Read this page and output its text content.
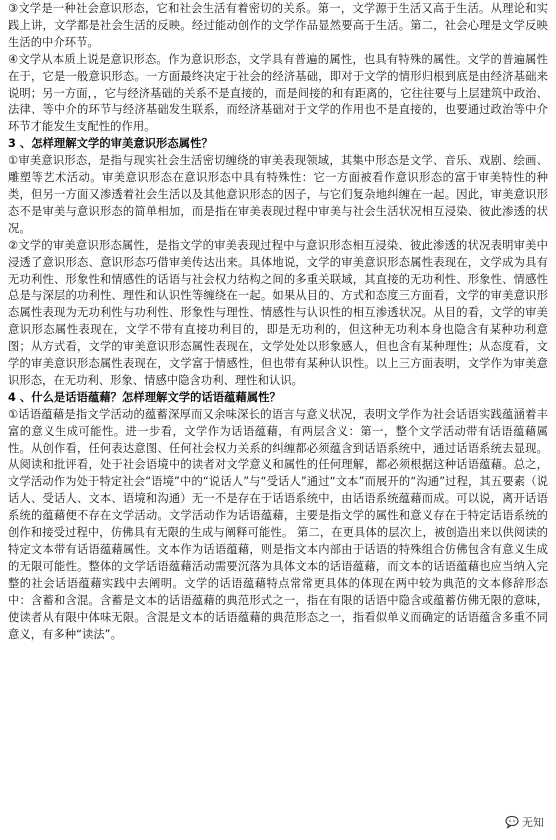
③文学是一种社会意识形态，它和社会生活有着密切的关系。第一，文学源于生活又高于生活。从理论和实践上讲，文学都是社会生活的反映。经过能动创作的文学作品显然要高于生活。第二，社会心理是文学反映生活的中介环节。

④文学从本质上说是意识形态。作为意识形态，文学具有普遍的属性，也具有特殊的属性。文学的普遍属性在于，它是一般意识形态。一方面最终决定于社会的经济基础，即对于文学的情形归根到底是由经济基础来说明；另一方面，，它与经济基础的关系不是直接的，而是间接的和有距离的，它往往要与上层建筑中政治、法律、等中介的环节与经济基础发生联系，而经济基础对于文学的作用也不是直接的，也要通过政治等中介环节才能发生支配性的作用。

3 、怎样理解文学的审美意识形态属性？

①审美意识形态，是指与现实社会生活密切缠绕的审美表现领域，其集中形态是文学、音乐、戏剧、绘画、雕塑等艺术活动。审美意识形态在意识形态中具有特殊性：它一方面被看作意识形态的富于审美特性的种类，但另一方面又渗透着社会生活以及其他意识形态的因子，与它们复杂地纠缠在一起。因此，审美意识形态不是审美与意识形态的简单相加，而是指在审美表现过程中审美与社会生活状况相互浸染、彼此渗透的状况。

②文学的审美意识形态属性，是指文学的审美表现过程中与意识形态相互浸染、彼此渗透的状况表明审美中浸透了意识形态、意识形态巧借审美传达出来。具体地说，文学的审美意识形态属性表现在，文学成为具有无功利性、形象性和情感性的话语与社会权力结构之间的多重关联域，其直接的无功利性、形象性、情感性总是与深层的功利性、理性和认识性等缠绕在一起。如果从目的、方式和态度三方面看，文学的审美意识形态属性表现为无功利性与功利性、形象性与理性、情感性与认识性的相互渗透状况。从目的看，文学的审美意识形态属性表现在，文学不带有直接功利目的，即是无功利的，但这种无功利本身也隐含有某种功利意图；从方式看，文学的审美意识形态属性表现在，文学处处以形象感人，但也含有某种理性；从态度看，文学的审美意识形态属性表现在，文学富于情感性，但也带有某种认识性。以上三方面表明，文学作为审美意识形态，在无功利、形象、情感中隐含功利、理性和认识。

4 、什么是话语蕴藉？怎样理解文学的话语蕴藉属性？

①话语蕴藉是指文学活动的蕴蓄深厚而又余味深长的语言与意义状况，表明文学作为社会话语实践蕴涵着丰富的意义生成可能性。进一步看，文学作为话语蕴藉，有两层含义：第一，整个文学活动带有话语蕴藉属性。从创作看，任何表达意图、任何社会权力关系的纠缠都必须蕴含到话语系统中，通过话语系统去显现。从阅读和批评看，处于社会语境中的读者对文学意义和属性的任何理解，都必须根据这种话语蕴藉。总之，文学活动作为处于特定社会“语境”中的“说话人”与“受话人”通过“文本”而展开的“沟通”过程，其五要素（说话人、受话人、文本、语境和沟通）无一不是存在于话语系统中，由话语系统蕴藉而成。可以说，离开话语系统的蕴藉便不存在文学活动。文学活动作为话语蕴藉，主要是指文学的属性和意义存在于特定话语系统的创作和接受过程中，仿佛具有无限的生成与阐释可能性。 第二，在更具体的层次上，被创造出来以供阅读的特定文本带有话语蕴藉属性。文本作为话语蕴藉，则是指文本内部由于话语的特殊组合仿佛包含有意义生成的无限可能性。整体的文学话语蕴藉活动需要沉落为具体文本的话语蕴藉，而文本的话语蕴藉也应当纳入完整的社会话语蕴藉实践中去阐明。文学的话语蕴藉特点常常更具体的体现在两中较为典范的文本修辞形态中：含蓄和含混。含蓄是文本的话语蕴藉的典范形式之一，指在有限的话语中隐含或蕴蓄仿佛无限的意味，使读者从有限中体味无限。含混是文本的话语蕴藉的典范形态之一，指看似单义而确定的话语蕴含多重不同意义，有多种“读法”。

无知
